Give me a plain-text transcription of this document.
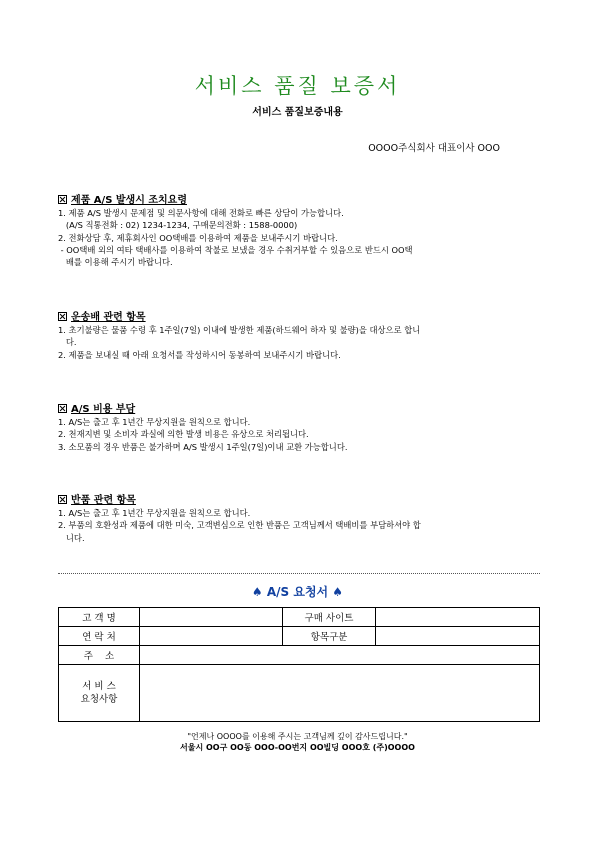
서비스 품질 보증서
서비스 품질보증내용
OOOO주식회사 대표이사 OOO
제품 A/S 발생시 조치요령
1. 제품 A/S 발생시 문제점 및 의문사항에 대해 전화로 빠른 상담이 가능합니다.
(A/S 직통전화 : 02) 1234-1234, 구매문의전화 : 1588-0000)
2. 전화상담 후, 제휴회사인 OO택배를 이용하여 제품을 보내주시기 바랍니다.
- OO택배 외의 여타 택배사를 이용하여 착불로 보냈을 경우 수취거부할 수 있음으로 반드시 OO택
배를 이용해 주시기 바랍니다.
운송배 관련 항목
1. 초기불량은 물품 수령 후 1주일(7일) 이내에 발생한 제품(하드웨어 하자 및 불량)을 대상으로 합니
다.
2. 제품을 보내실 때 아래 요청서를 작성하시어 동봉하여 보내주시기 바랍니다.
A/S 비용 부담
1. A/S는 출고 후 1년간 무상지원을 원칙으로 합니다.
2. 천재지변 및 소비자 과실에 의한 발생 비용은 유상으로 처리됩니다.
3. 소모품의 경우 반품은 불가하며 A/S 발생시 1주일(7일)이내 교환 가능합니다.
반품 관련 항목
1. A/S는 출고 후 1년간 무상지원을 원칙으로 합니다.
2. 부품의 호환성과 제품에 대한 미숙, 고객변심으로 인한 반품은 고객님께서 택배비를 부담하셔야 합
니다.
♠ A/S 요청서 ♠
고 객 명		구매 사이트	
연 락 처		항목구분	
주    소			

서 비 스
요청사항			

"언제나 OOOO를 이용해 주시는 고객님께 깊이 감사드립니다."
서울시 OO구 OO동 OOO-OO번지 OO빌딩 OOO호 (주)OOOO
